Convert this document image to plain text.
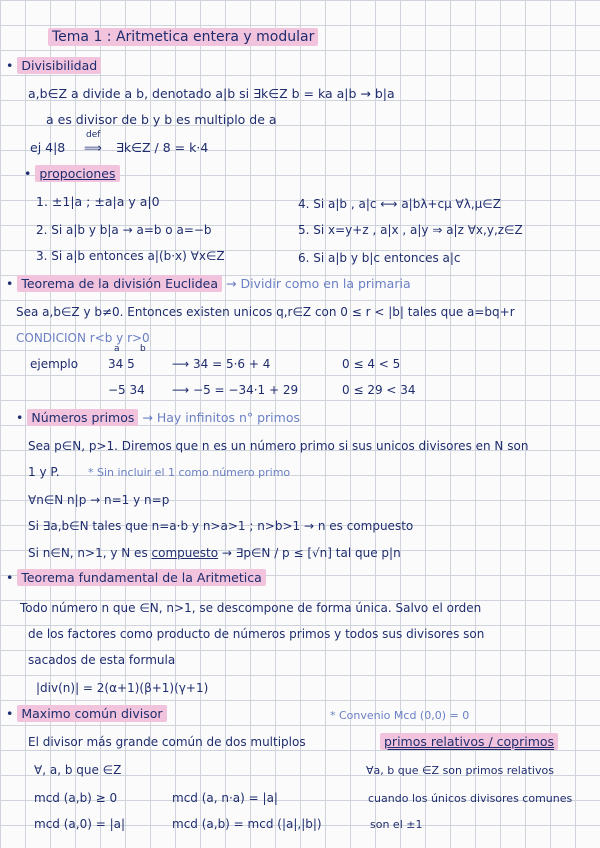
Tema 1 : Aritmetica entera y modular
• Divisibilidad
a,b∈Z a divide a b, denotado a|b si ∃k∈Z b = ka a|b → b|a
a es divisor de b y b es multiplo de a
ej 4|8
def
⟹ ∃k∈Z / 8 = k·4
• propociones
1. ±1|a ; ±a|a y a|0
2. Si a|b y b|a → a=b o a=−b
3. Si a|b entonces a|(b·x) ∀x∈Z
4. Si a|b , a|c ⟷ a|bλ+cμ ∀λ,μ∈Z
5. Si x=y+z , a|x , a|y ⇒ a|z ∀x,y,z∈Z
6. Si a|b y b|c entonces a|c
• Teorema de la división Euclidea → Dividir como en la primaria
Sea a,b∈Z y b≠0. Entonces existen unicos q,r∈Z con 0 ≤ r < |b| tales que a=bq+r
CONDICION r<b y r>0
a b
ejemplo 34 5	⟶ 34 = 5·6 + 4	0 ≤ 4 < 5
−5 34 ⟶ −5 = −34·1 + 29	0 ≤ 29 < 34
• Números primos → Hay infinitos n° primos
Sea p∈N, p>1. Diremos que n es un número primo si sus unicos divisores en N son
1 y P.	* Sin incluir el 1 como número primo
∀n∈N n|p → n=1 y n=p
Si ∃a,b∈N tales que n=a·b y n>a>1 ; n>b>1 → n es compuesto
Si n∈N, n>1, y N es compuesto → ∃p∈N / p ≤ [√n] tal que p|n
• Teorema fundamental de la Aritmetica
Todo número n que ∈N, n>1, se descompone de forma única. Salvo el orden
de los factores como producto de números primos y todos sus divisores son
sacados de esta formula
|div(n)| = 2(α+1)(β+1)(γ+1)
• Maximo común divisor	* Convenio Mcd (0,0) = 0
El divisor más grande común de dos multiplos
∀, a, b que ∈Z
mcd (a,b) ≥ 0	mcd (a, n·a) = |a|
mcd (a,0) = |a|	mcd (a,b) = mcd (|a|,|b|)
primos relativos / coprimos
∀a, b que ∈Z son primos relativos
cuando los únicos divisores comunes
son el ±1
